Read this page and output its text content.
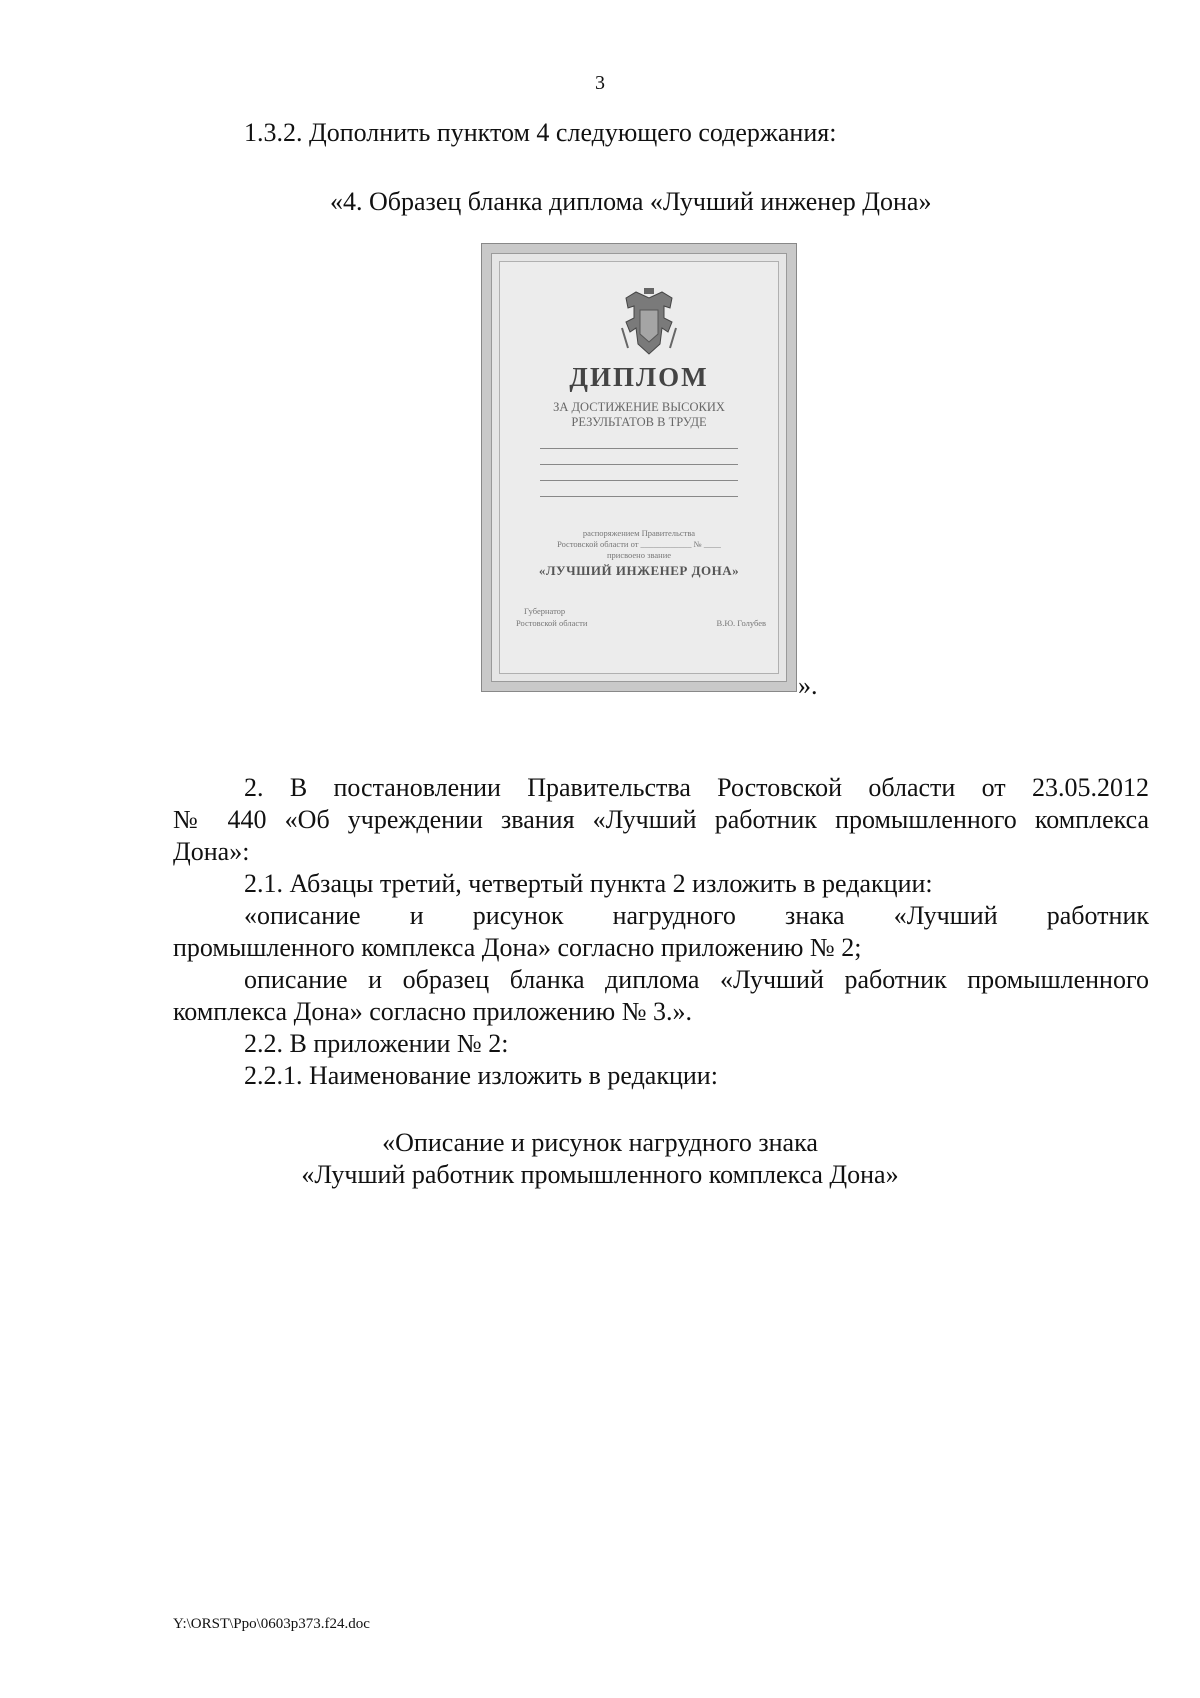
3
1.3.2. Дополнить пунктом 4 следующего содержания:
«4. Образец бланка диплома «Лучший инженер Дона»
ДИПЛОМ
ЗА ДОСТИЖЕНИЕ ВЫСОКИХ
РЕЗУЛЬТАТОВ В ТРУДЕ
распоряжением Правительства
Ростовской области от ____________ № ____
присвоено звание
«ЛУЧШИЙ ИНЖЕНЕР ДОНА»
Губернатор
Ростовской области	В.Ю. Голубев
».
2. В постановлении Правительства Ростовской области от 23.05.2012
№ 440 «Об учреждении звания «Лучший работник промышленного комплекса
Дона»:
2.1. Абзацы третий, четвертый пункта 2 изложить в редакции:
«описание и рисунок нагрудного знака «Лучший работник
промышленного комплекса Дона» согласно приложению № 2;
описание и образец бланка диплома «Лучший работник промышленного
комплекса Дона» согласно приложению № 3.».
2.2. В приложении № 2:
2.2.1. Наименование изложить в редакции:
«Описание и рисунок нагрудного знака
«Лучший работник промышленного комплекса Дона»
Y:\ORST\Ppo\0603p373.f24.doc
